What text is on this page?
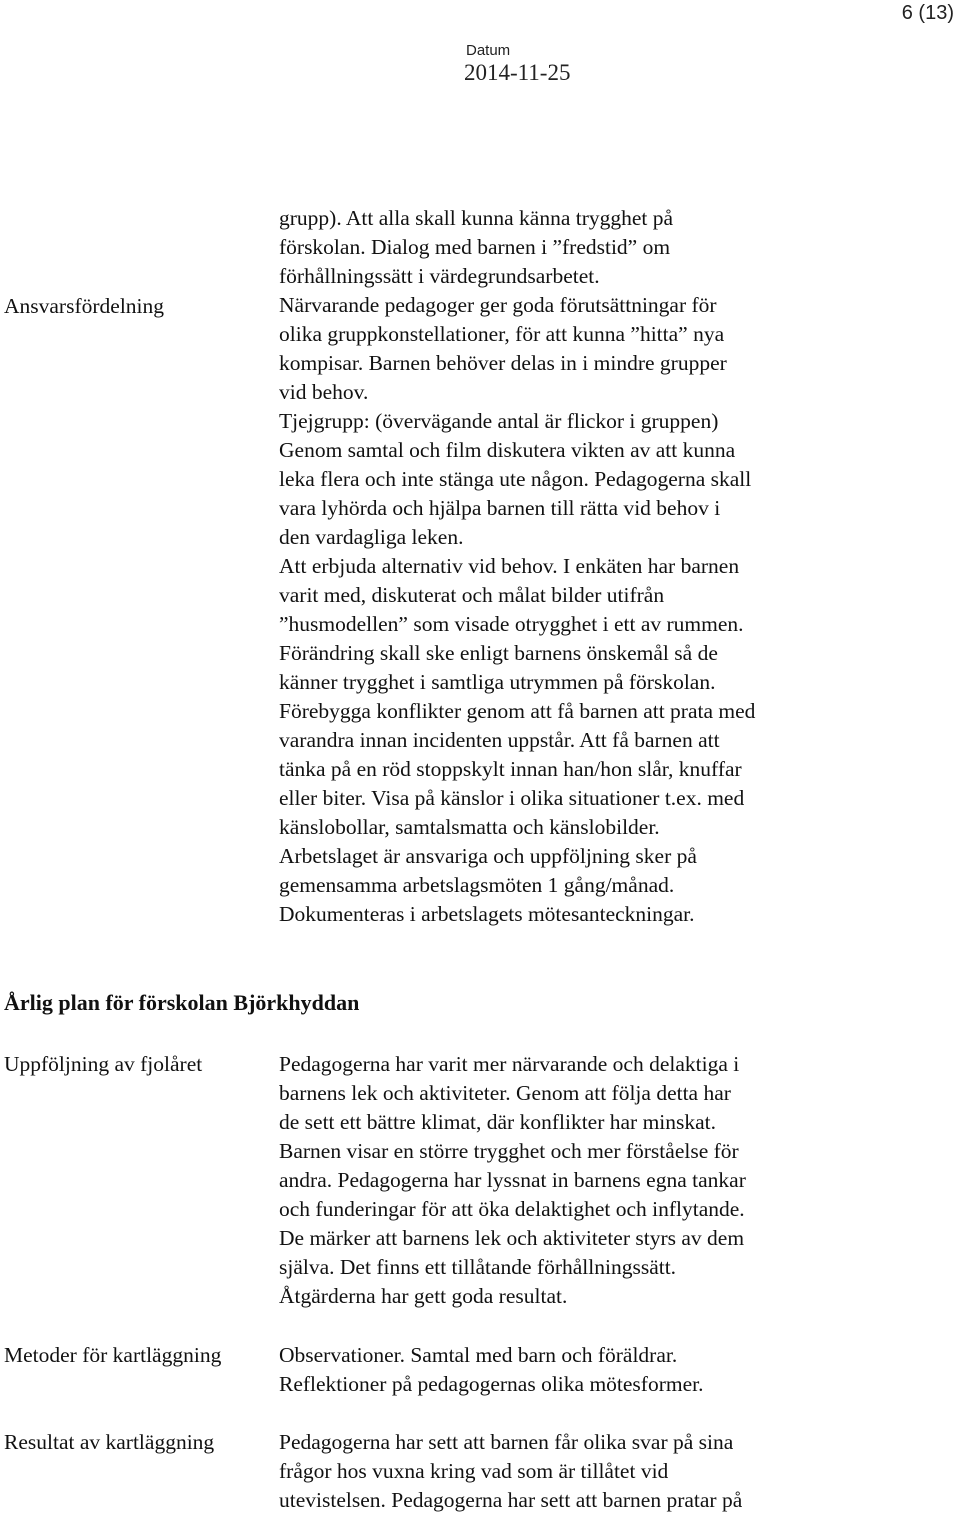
6 (13)
Datum
2014-11-25
Ansvarsfördelning
grupp). Att alla skall kunna känna trygghet på
förskolan. Dialog med barnen i ”fredstid” om
förhållningssätt i värdegrundsarbetet.
Närvarande pedagoger ger goda förutsättningar för
olika gruppkonstellationer, för att kunna ”hitta” nya
kompisar. Barnen behöver delas in i mindre grupper
vid behov.
Tjejgrupp: (övervägande antal är flickor i gruppen)
Genom samtal och film diskutera vikten av att kunna
leka flera och inte stänga ute någon. Pedagogerna skall
vara lyhörda och hjälpa barnen till rätta vid behov i
den vardagliga leken.
Att erbjuda alternativ vid behov. I enkäten har barnen
varit med, diskuterat och målat bilder utifrån
”husmodellen” som visade otrygghet i ett av rummen.
Förändring skall ske enligt barnens önskemål så de
känner trygghet i samtliga utrymmen på förskolan.
Förebygga konflikter genom att få barnen att prata med
varandra innan incidenten uppstår. Att få barnen att
tänka på en röd stoppskylt innan han/hon slår, knuffar
eller biter. Visa på känslor i olika situationer t.ex. med
känslobollar, samtalsmatta och känslobilder.
Arbetslaget är ansvariga och uppföljning sker på
gemensamma arbetslagsmöten 1 gång/månad.
Dokumenteras i arbetslagets mötesanteckningar.
Årlig plan för förskolan Björkhyddan
Uppföljning av fjolåret	Pedagogerna har varit mer närvarande och delaktiga i
barnens lek och aktiviteter. Genom att följa detta har
de sett ett bättre klimat, där konflikter har minskat.
Barnen visar en större trygghet och mer förståelse för
andra. Pedagogerna har lyssnat in barnens egna tankar
och funderingar för att öka delaktighet och inflytande.
De märker att barnens lek och aktiviteter styrs av dem
själva. Det finns ett tillåtande förhållningssätt.
Åtgärderna har gett goda resultat.
Metoder för kartläggning	Observationer. Samtal med barn och föräldrar.
Reflektioner på pedagogernas olika mötesformer.
Resultat av kartläggning	Pedagogerna har sett att barnen får olika svar på sina
frågor hos vuxna kring vad som är tillåtet vid
utevistelsen. Pedagogerna har sett att barnen pratar på
